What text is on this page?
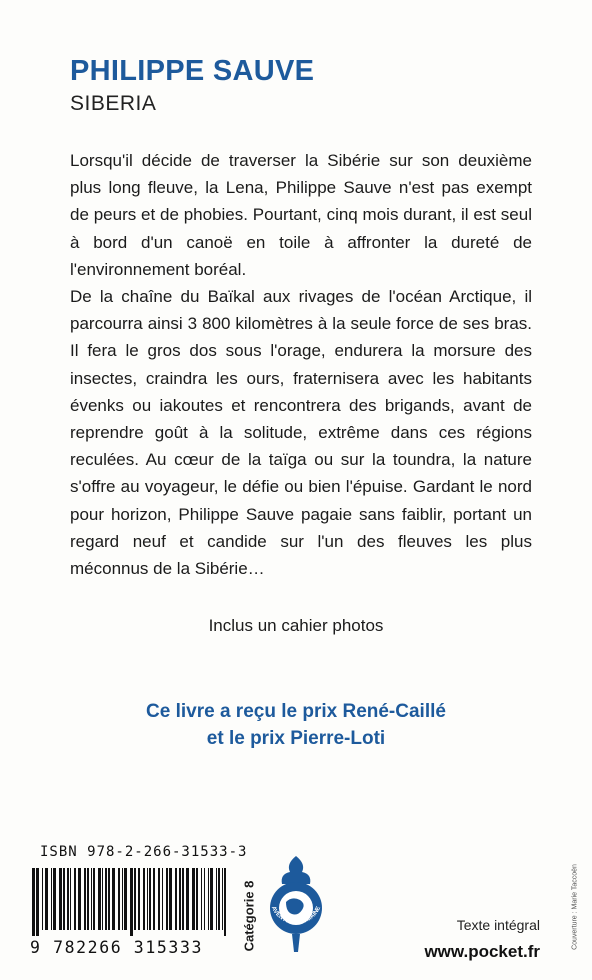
PHILIPPE SAUVE
SIBERIA

Lorsqu'il décide de traverser la Sibérie sur son deuxième plus long fleuve, la Lena, Philippe Sauve n'est pas exempt de peurs et de phobies. Pourtant, cinq mois durant, il est seul à bord d'un canoë en toile à affronter la dureté de l'environnement boréal.

De la chaîne du Baïkal aux rivages de l'océan Arctique, il parcourra ainsi 3 800 kilomètres à la seule force de ses bras. Il fera le gros dos sous l'orage, endurera la morsure des insectes, craindra les ours, fraternisera avec les habitants évenks ou iakoutes et rencontrera des brigands, avant de reprendre goût à la solitude, extrême dans ces régions reculées. Au cœur de la taïga ou sur la toundra, la nature s'offre au voyageur, le défie ou bien l'épuise. Gardant le nord pour horizon, Philippe Sauve pagaie sans faiblir, portant un regard neuf et candide sur l'un des fleuves les plus méconnus de la Sibérie…

Inclus un cahier photos
Ce livre a reçu le prix René-Caillé
et le prix Pierre-Loti
ISBN 978-2-266-31533-3
9 782266 315333	Catégorie 8 AVENTURE HUMAINE
Texte intégral
www.pocket.fr
Couverture : Marie Taccoën
